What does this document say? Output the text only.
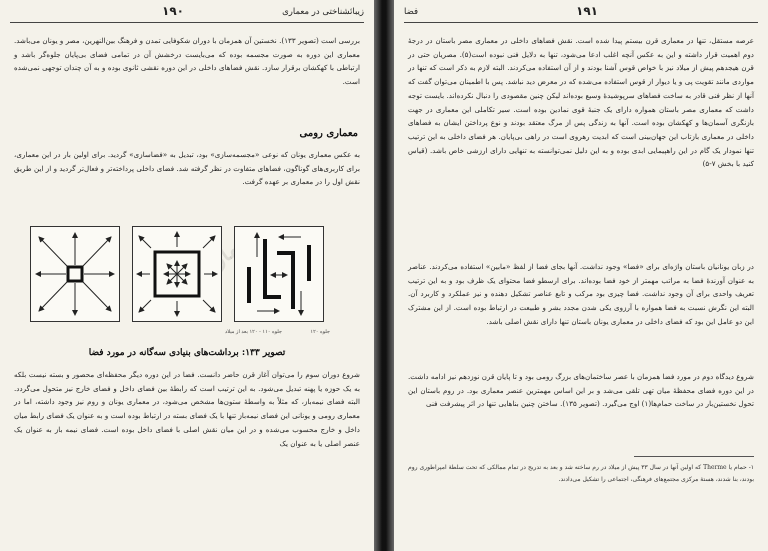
زیبائشناختی در معماری
۱۹۰
بررسی است (تصویر ۱۳۳). نخستین آن همزمان با دوران شکوفایی تمدن و فرهنگ بین‌النهرین، مصر و یونان می‌باشد. معماری این دوره به صورت مجسمه بوده که می‌بایست درخشش آن در تمامی فضای بی‌پایان جلوه‌گر باشد و ارتباطی با کهکشان برقرار سازد. نقش فضاهای داخلی در این دوره نقشی ثانوی بوده و به آن چندان توجهی نمی‌شده است.
معماری رومی
به عکس معماری یونان که نوعی «مجسمه‌سازی» بود، تبدیل به «فضاسازی» گردید. برای اولین بار در این معماری، برای کاربری‌های گوناگون، فضاهای متفاوت در نظر گرفته شد. فضای داخلی پرداخته‌تر و فعال‌تر گردید و از این طریق نقش اول را در معماری بر عهده گرفت.
معماری
جلوه ۱۲۰
جلوه ۱۱۰ - ۱۲۰ بعد از میلاد
تصویر ۱۳۳: برداشت‌های بنیادی سه‌گانه در مورد فضا
شروع دوران سوم را می‌توان آغاز قرن حاضر دانست. فضا در این دوره دیگر محفظه‌ای محصور و بسته نیست بلکه به یک حوزه یا پهنه تبدیل می‌شود. به این ترتیب است که رابطهٔ بین فضای داخل و فضای خارج نیز متحول می‌گردد. البته فضای نیمه‌باز، که مثلاً به واسطهٔ ستون‌ها مشخص می‌شود، در معماری یونان و روم نیز وجود داشته، اما در معماری رومی و یونانی این فضای نیمه‌باز تنها با یک فضای بسته در ارتباط بوده است و به عنوان یک فضای رابط میان داخل و خارج محسوب می‌شده و در این میان نقش اصلی با فضای داخل بوده است. فضای نیمه باز به عنوان یک عنصر اصلی یا به عنوان یک
فضا	۱۹۱
عرصه مستقل، تنها در معماری قرن بیستم پیدا شده است. نقش فضاهای داخلی در معماری مصر باستان در درجهٔ دوم اهمیت قرار داشته و این به عکس آنچه اغلب ادعا می‌شود، تنها به دلایل فنی نبوده است(۵). مصریان حتی در قرن هیجدهم پیش از میلاد نیز با خواص قوس آشنا بودند و از آن استفاده می‌کردند. البته لازم به ذکر است که تنها در مواردی مانند تقویت پی و یا دیوار از قوس استفاده می‌شده که در معرض دید نباشد. پس با اطمینان می‌توان گفت که آنها از نظر فنی قادر به ساخت فضاهای سرپوشیدهٔ وسیع بوده‌اند لیکن چنین مقصودی را دنبال نکرده‌اند. بایست توجه داشت که معماری مصر باستان همواره دارای یک جنبهٔ قوی نمادین بوده است. سیر تکاملی این معماری در جهت بازنگری آسمان‌ها و کهکشان بوده است. آنها به زندگی پس از مرگ معتقد بودند و نوع پرداختن ایشان به فضاهای داخلی در معماری بازتاب این جهان‌بینی است که ابدیت رهروی است در راهی بی‌پایان. هر فضای داخلی به این ترتیب تنها نمودار یک گام در این راهپیمایی ابدی بوده و به این دلیل نمی‌توانسته به تنهایی دارای ارزشی خاص باشد. (قیاس کنید با بخش ۷-۵)
در زبان یونانیان باستان واژه‌ای برای «فضا» وجود نداشت. آنها بجای فضا از لفظ «مابین» استفاده می‌کردند. عناصر به عنوان آورندهٔ فضا به مراتب مهمتر از خود فضا بوده‌اند. برای ارسطو فضا محتوای یک ظرف بود و به این ترتیب تعریف واحدی برای آن وجود نداشت. فضا چیزی بود مرکب و تابع عناصر تشکیل دهنده و نیز عملکرد و کاربرد آن. البته این نگرش نسبت به فضا همواره با آرزوی یکی شدن مجدد بشر و طبیعت در ارتباط بوده است. از این مشترک این دو عامل این بود که فضای داخلی در معماری یونان باستان تنها دارای نقش اصلی باشد.
شروع دیدگاه دوم در مورد فضا همزمان با عصر ساختمان‌های بزرگ رومی بود و تا پایان قرن نوزدهم نیز ادامه داشت. در این دوره فضای محفظهٔ میان تهی تلقی می‌شد و بر این اساس مهمترین عنصر معماری بود. در روم باستان این تحول نخستین‌بار در ساخت حمام‌ها(۱) اوج می‌گیرد. (تصویر ۱۳۵). ساختن چنین بناهایی تنها در اثر پیشرفت فنی
۱- حمام یا Therme که اولین آنها در سال ۳۳ پیش از میلاد در رم ساخته شد و بعد به تدریج در تمام ممالکی که تحت سلطهٔ امپراطوری روم بودند، بنا شدند، هستهٔ مرکزی مجتمع‌های فرهنگی، اجتماعی را تشکیل می‌دادند.
